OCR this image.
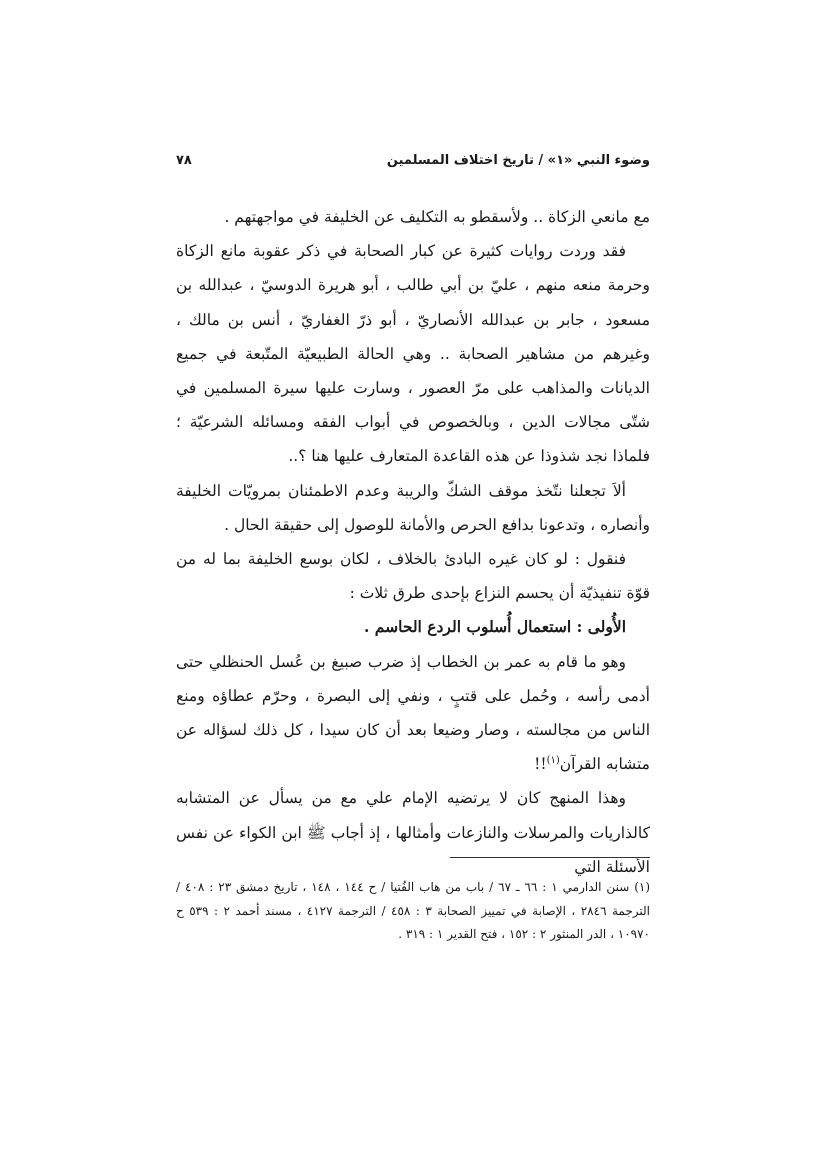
وضوء النبي «١» / تاريخ اختلاف المسلمين
٧٨

مع مانعي الزكاة .. ولأسقطو به التكليف عن الخليفة في مواجهتهم .

فقد وردت روايات كثيرة عن كبار الصحابة في ذكر عقوبة مانع الزكاة وحرمة منعه منهم ، عليّ بن أبي طالب ، أبو هريرة الدوسيّ ، عبدالله بن مسعود ، جابر بن عبدالله الأنصاريّ ، أبو ذرّ الغفاريّ ، أنس بن مالك ، وغيرهم من مشاهير الصحابة .. وهي الحالة الطبيعيّة المتّبعة في جميع الديانات والمذاهب على مرّ العصور ، وسارت عليها سيرة المسلمين في شتّى مجالات الدين ، وبالخصوص في أبواب الفقه ومسائله الشرعيّة ؛ فلماذا نجد شذوذا عن هذه القاعدة المتعارف عليها هنا ؟..

ألاَ تجعلنا نتّخذ موقف الشكّ والريبة وعدم الاطمئنان بمرويّات الخليفة وأنصاره ، وتدعونا بدافع الحرص والأمانة للوصول إلى حقيقة الحال .

فنقول : لو كان غيره البادئ بالخلاف ، لكان بوسع الخليفة بما له من قوّة تنفيذيّة أن يحسم النزاع بإحدى طرق ثلاث :

الأُولى : استعمال أُسلوب الردع الحاسم .

وهو ما قام به عمر بن الخطاب إذ ضرب صبيغ بن عُسل الحنظلي حتى أدمى رأسه ، وحُمل على قتبٍ ، ونفي إلى البصرة ، وحرّم عطاؤه ومنع الناس من مجالسته ، وصار وضيعا بعد أن كان سيدا ، كل ذلك لسؤاله عن متشابه القرآن$^{(١)}$!!

وهذا المنهج كان لا يرتضيه الإمام علي مع من يسأل عن المتشابه كالذاريات والمرسلات والنازعات وأمثالها ، إذ أجاب ﷺ ابن الكواء عن نفس الأسئلة التي

(١) سنن الدارمي ١ : ٦٦ ـ ٦٧ / باب من هاب الفُتيا / ح ١٤٤ ، ١٤٨ ، تاريخ دمشق ٢٣ : ٤٠٨ / الترجمة ٢٨٤٦ ، الإصابة في تمييز الصحابة ٣ : ٤٥٨ / الترجمة ٤١٢٧ ، مسند أحمد ٢ : ٥٣٩ ح ١٠٩٧٠ ، الدر المنثور ٢ : ١٥٢ ، فتح القدير ١ : ٣١٩ .
